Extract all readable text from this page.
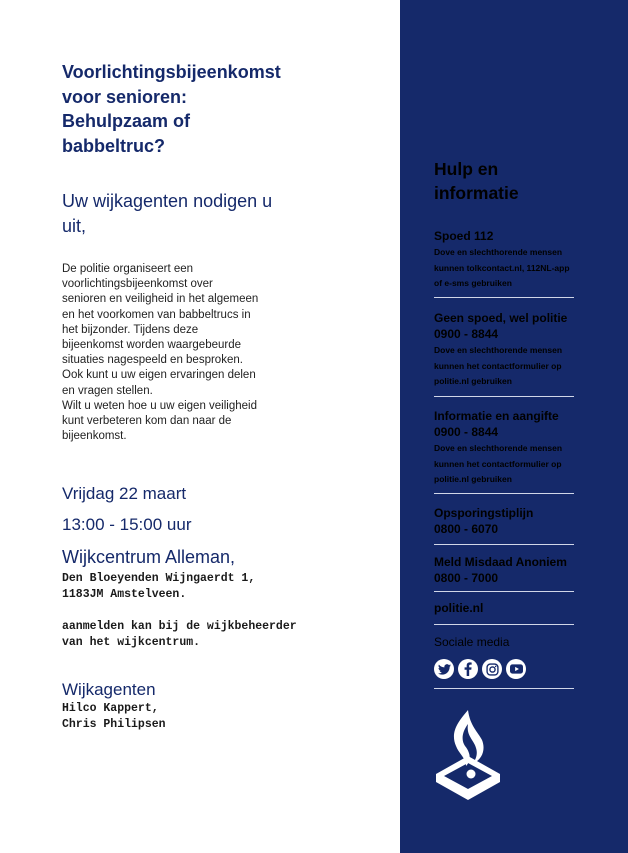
Voorlichtingsbijeenkomst
voor senioren:
Behulpzaam of
babbeltruc?
Uw wijkagenten nodigen u
uit,

De politie organiseert een

voorlichtingsbijeenkomst over

senioren en veiligheid in het algemeen

en het voorkomen van babbeltrucs in

het bijzonder. Tijdens deze

bijeenkomst worden waargebeurde

situaties nagespeeld en besproken.

Ook kunt u uw eigen ervaringen delen

en vragen stellen.

Wilt u weten hoe u uw eigen veiligheid

kunt verbeteren kom dan naar de

bijeenkomst.

Vrijdag 22 maart
13:00 - 15:00 uur
Wijkcentrum Alleman,
Den Bloeyenden Wijngaerdt 1,
1183JM Amstelveen.
aanmelden kan bij de wijkbeheerder
van het wijkcentrum.
Wijkagenten
Hilco Kappert,
Chris Philipsen
Hulp en
informatie
Spoed 112
Dove en slechthorende mensen
kunnen tolkcontact.nl, 112NL-app
of e-sms gebruiken
Geen spoed, wel politie
0900 - 8844
Dove en slechthorende mensen
kunnen het contactformulier op
politie.nl gebruiken
Informatie en aangifte
0900 - 8844
Dove en slechthorende mensen
kunnen het contactformulier op
politie.nl gebruiken
Opsporingstiplijn
0800 - 6070
Meld Misdaad Anoniem
0800 - 7000
politie.nl
Sociale media
